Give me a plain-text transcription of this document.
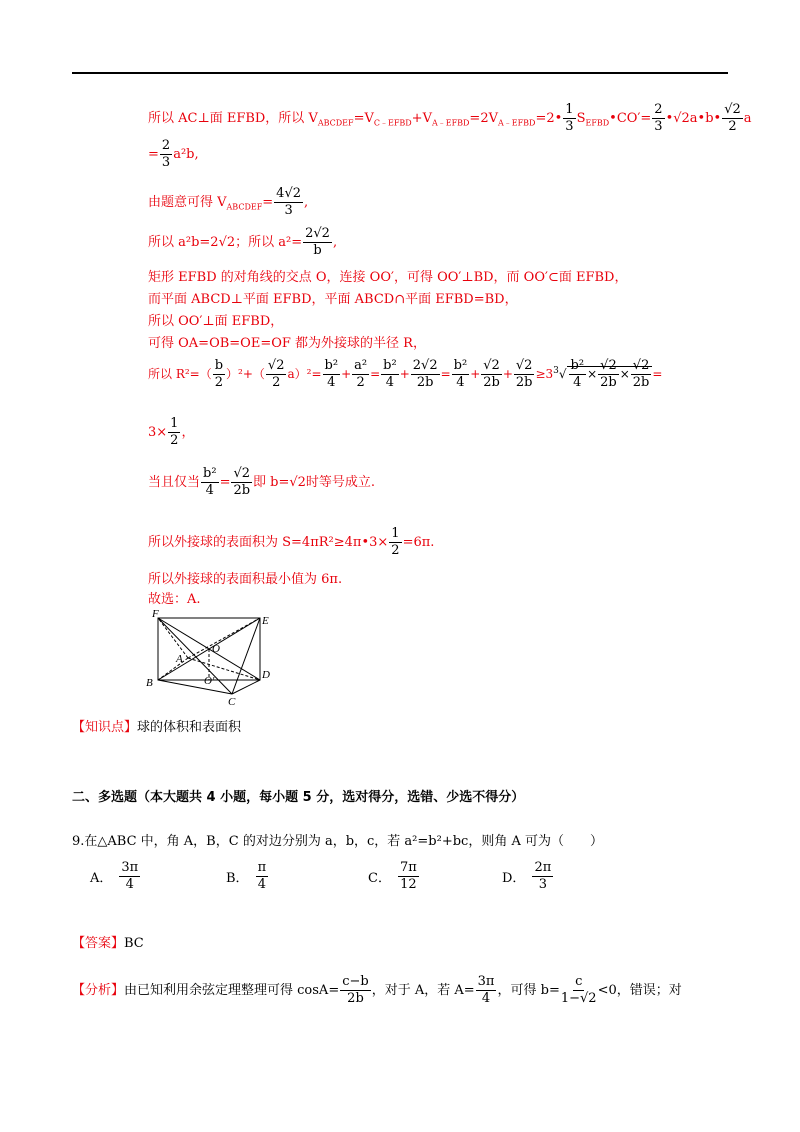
所以 AC⊥面 EFBD，所以 $V_{ABCDEF}=V_{C﹣EFBD}+V_{A﹣EFBD}=2V_{A﹣EFBD}=2• \frac{1}{3}$ $S_{EFBD}•CO'= \frac{2}{3}$ •√2a•b• $\frac{√2}{2}$ a
= $\frac{2}{3} a^2b$,
由题意可得 $V_{ABCDEF}= \frac{4√2}{3}$ ,
所以 a²b=2√2；所以 $a^2= \frac{2√2}{b}$ ,
矩形 EFBD 的对角线的交点 O，连接 OO′，可得 OO′⊥BD，而 OO′⊂面 EFBD，
而平面 ABCD⊥平面 EFBD，平面 ABCD∩平面 EFBD=BD，
所以 OO′⊥面 EFBD，
可得 OA=OB=OE=OF 都为外接球的半径 R，
所以 $R^2=( \frac{b}{2} )^2+( \frac{√2}{2} a)^2= \frac{\text{b²}}{4} + \frac{\text{a²}}{2} = \frac{\text{b²}}{4} + \frac{2√2}{2b} = \frac{\text{b²}}{4} + \frac{√2}{2b} + \frac{√2}{2b} \ge 3^3√ \frac{\text{b²}}{4} \times \frac{√2}{2b} \times \frac{√2}{2b}$ =
$3\times \frac{1}{2}$ ，
当且仅当 $\frac{\text{b²}}{4} = \frac{√2}{2b}$ 即 b=√2时等号成立.
所以外接球的表面积为 S=4πR²≥4π•3× $\frac{1}{2} =6\pi$.
所以外接球的表面积最小值为 6π.
故选：A.
F
E
A
O
O′
B
D
C
【知识点】球的体积和表面积
二、多选题（本大题共 4 小题，每小题 5 分，选对得分，选错、少选不得分）
9.在△ABC 中，角 A，B，C 的对边分别为 a，b，c，若 a²=b²+bc，则角 A 可为（　　）
A． $\frac{3\pi}{4}$	B． $\frac{\pi}{4}$	C． $\frac{7\pi}{12}$	D． $\frac{2\pi}{3}$
【答案】BC
【分析】由已知利用余弦定理整理可得 $\cos A= \frac{c-b}{2b}$ ，对于 A，若 $A= \frac{3\pi}{4}$ ，可得 $b= \frac{c}{1-√2} <0$，错误；对
